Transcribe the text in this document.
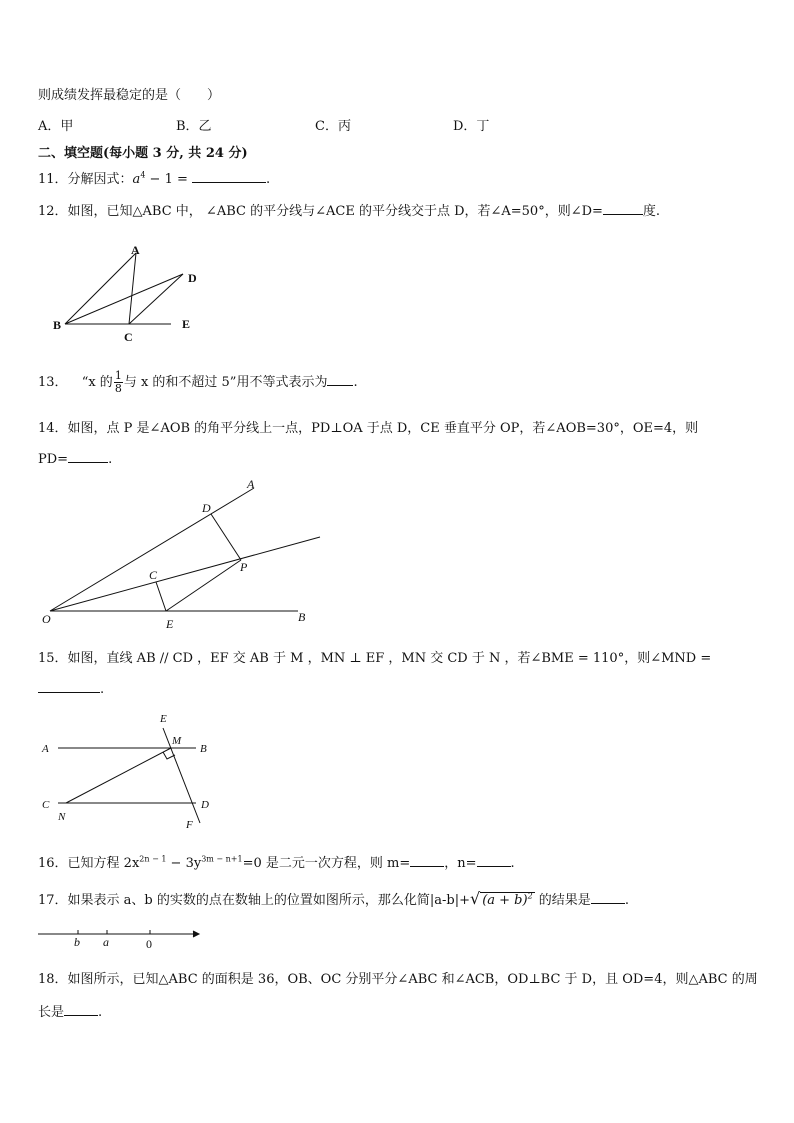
则成绩发挥最稳定的是（　　）
A．甲	B．乙	C．丙	D．丁
二、填空题(每小题 3 分, 共 24 分)
11．分解因式：$a^4 - 1$ =	.
12．如图，已知△ABC 中， ∠ABC 的平分线与∠ACE 的平分线交于点 D，若∠A=50°，则∠D=	度.
A
D
B
C
E
13． “x 的 $\frac{1}{8}$ 与 x 的和不超过 5”用不等式表示为 .
14．如图，点 P 是∠AOB 的角平分线上一点，PD⊥OA 于点 D，CE 垂直平分 OP，若∠AOB=30°，OE=4，则
PD=	.
A
D
P
C
O	E	B
15．如图，直线 AB // CD ，EF 交 AB 于 M ，MN ⊥ EF ，MN 交 CD 于 N ，若∠BME = 110°，则∠MND =
.
A	B
C	D
E
F
M
N
16．已知方程 $2x^{2n - 1} - 3y^{3m - n+1}=0$ 是二元一次方程，则 m=	，n=	.
17．如果表示 a、b 的实数的点在数轴上的位置如图所示，那么化简|a-b|+√ $(a + b)^2$ 的结果是	.
b a	0
18．如图所示，已知△ABC 的面积是 36，OB、OC 分别平分∠ABC 和∠ACB，OD⊥BC 于 D，且 OD=4，则△ABC 的周
长是	.
